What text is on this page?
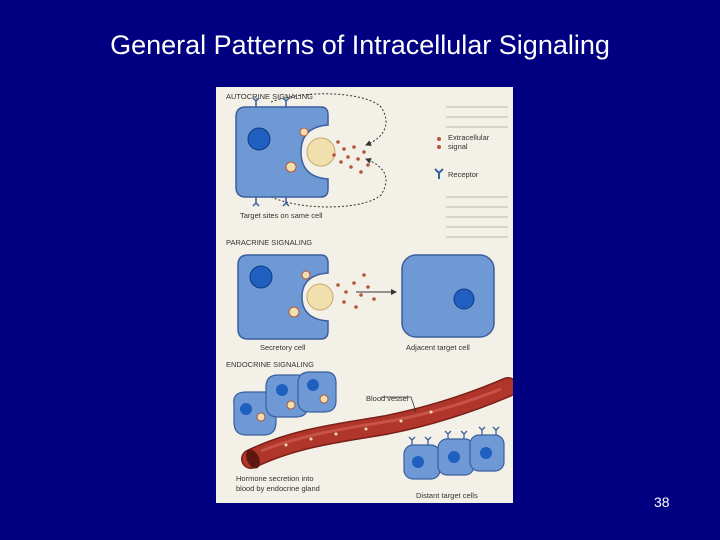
General Patterns of Intracellular Signaling
AUTOCRINE SIGNALING
Extracellular
signal
Receptor
Target sites on same cell
PARACRINE SIGNALING
Secretory cell	Adjacent target cell
ENDOCRINE SIGNALING
Blood vessel
Hormone secretion into
blood by endocrine gland
Distant target cells	38
